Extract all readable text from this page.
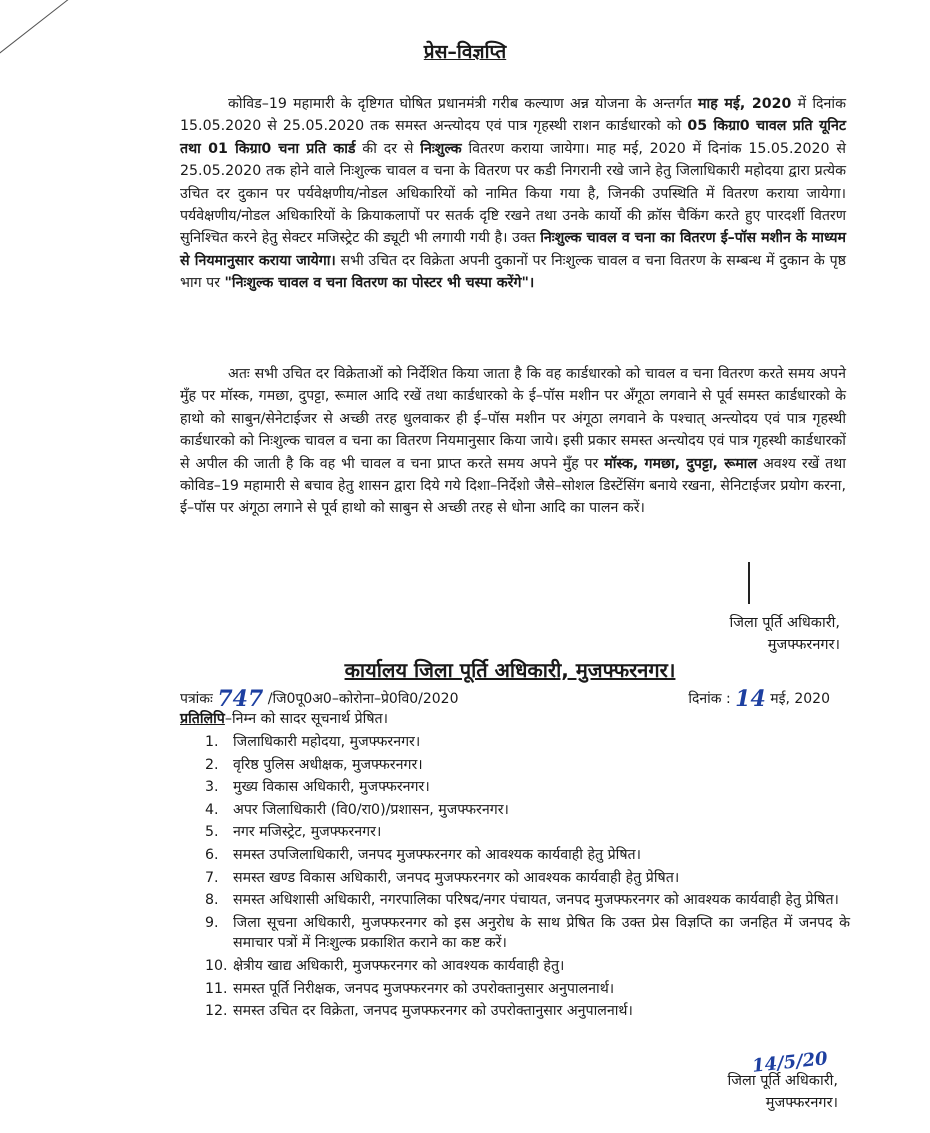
प्रेस–विज्ञप्ति
कोविड–19 महामारी के दृष्टिगत घोषित प्रधानमंत्री गरीब कल्याण अन्न योजना के अन्तर्गत माह मई, 2020 में दिनांक 15.05.2020 से 25.05.2020 तक समस्त अन्त्योदय एवं पात्र गृहस्थी राशन कार्डधारको को 05 किग्रा0 चावल प्रति यूनिट तथा 01 किग्रा0 चना प्रति कार्ड की दर से निःशुल्क वितरण कराया जायेगा। माह मई, 2020 में दिनांक 15.05.2020 से 25.05.2020 तक होने वाले निःशुल्क चावल व चना के वितरण पर कडी निगरानी रखे जाने हेतु जिलाधिकारी महोदया द्वारा प्रत्येक उचित दर दुकान पर पर्यवेक्षणीय/नोडल अधिकारियों को नामित किया गया है, जिनकी उपस्थिति में वितरण कराया जायेगा। पर्यवेक्षणीय/नोडल अधिकारियों के क्रियाकलापों पर सतर्क दृष्टि रखने तथा उनके कार्यो की क्रॉस चैकिंग करते हुए पारदर्शी वितरण सुनिश्चित करने हेतु सेक्टर मजिस्ट्रेट की ड्यूटी भी लगायी गयी है। उक्त निःशुल्क चावल व चना का वितरण ई–पॉस मशीन के माध्यम से नियमानुसार कराया जायेगा। सभी उचित दर विक्रेता अपनी दुकानों पर निःशुल्क चावल व चना वितरण के सम्बन्ध में दुकान के पृष्ठ भाग पर "निःशुल्क चावल व चना वितरण का पोस्टर भी चस्पा करेंगे"।
अतः सभी उचित दर विक्रेताओं को निर्देशित किया जाता है कि वह कार्डधारको को चावल व चना वितरण करते समय अपने मुँह पर मॉस्क, गमछा, दुपट्टा, रूमाल आदि रखें तथा कार्डधारको के ई–पॉस मशीन पर अँगूठा लगवाने से पूर्व समस्त कार्डधारको के हाथो को साबुन/सेनेटाईजर से अच्छी तरह धुलवाकर ही ई–पॉस मशीन पर अंगूठा लगवाने के पश्चात् अन्त्योदय एवं पात्र गृहस्थी कार्डधारको को निःशुल्क चावल व चना का वितरण नियमानुसार किया जाये। इसी प्रकार समस्त अन्त्योदय एवं पात्र गृहस्थी कार्डधारकों से अपील की जाती है कि वह भी चावल व चना प्राप्त करते समय अपने मुँह पर मॉस्क, गमछा, दुपट्टा, रूमाल अवश्य रखें तथा कोविड–19 महामारी से बचाव हेतु शासन द्वारा दिये गये दिशा–निर्देशो जैसे–सोशल डिस्टेंसिंग बनाये रखना, सेनिटाईजर प्रयोग करना, ई–पॉस पर अंगूठा लगाने से पूर्व हाथो को साबुन से अच्छी तरह से धोना आदि का पालन करें।
जिला पूर्ति अधिकारी,
मुजफ्फरनगर।
कार्यालय जिला पूर्ति अधिकारी, मुजफ्फरनगर।
पत्रांकः 747 /जि0पू0अ0–कोरोना–प्रे0वि0/2020	दिनांक : 14 मई, 2020
प्रतिलिपि–निम्न को सादर सूचनार्थ प्रेषित।
1.	जिलाधिकारी महोदया, मुजफ्फरनगर।
2.	वृरिष्ठ पुलिस अधीक्षक, मुजफ्फरनगर।
3.	मुख्य विकास अधिकारी, मुजफ्फरनगर।
4.	अपर जिलाधिकारी (वि0/रा0)/प्रशासन, मुजफ्फरनगर।
5.	नगर मजिस्ट्रेट, मुजफ्फरनगर।
6.	समस्त उपजिलाधिकारी, जनपद मुजफ्फरनगर को आवश्यक कार्यवाही हेतु प्रेषित।
7.	समस्त खण्ड विकास अधिकारी, जनपद मुजफ्फरनगर को आवश्यक कार्यवाही हेतु प्रेषित।
8.	समस्त अधिशासी अधिकारी, नगरपालिका परिषद/नगर पंचायत, जनपद मुजफ्फरनगर को आवश्यक कार्यवाही हेतु प्रेषित।
9.	जिला सूचना अधिकारी, मुजफ्फरनगर को इस अनुरोध के साथ प्रेषित कि उक्त प्रेस विज्ञप्ति का जनहित में जनपद के समाचार पत्रों में निःशुल्क प्रकाशित कराने का कष्ट करें।
10. क्षेत्रीय खाद्य अधिकारी, मुजफ्फरनगर को आवश्यक कार्यवाही हेतु।
11. समस्त पूर्ति निरीक्षक, जनपद मुजफ्फरनगर को उपरोक्तानुसार अनुपालनार्थ।
12. समस्त उचित दर विक्रेता, जनपद मुजफ्फरनगर को उपरोक्तानुसार अनुपालनार्थ।
14/5/20
जिला पूर्ति अधिकारी,
मुजफ्फरनगर।
